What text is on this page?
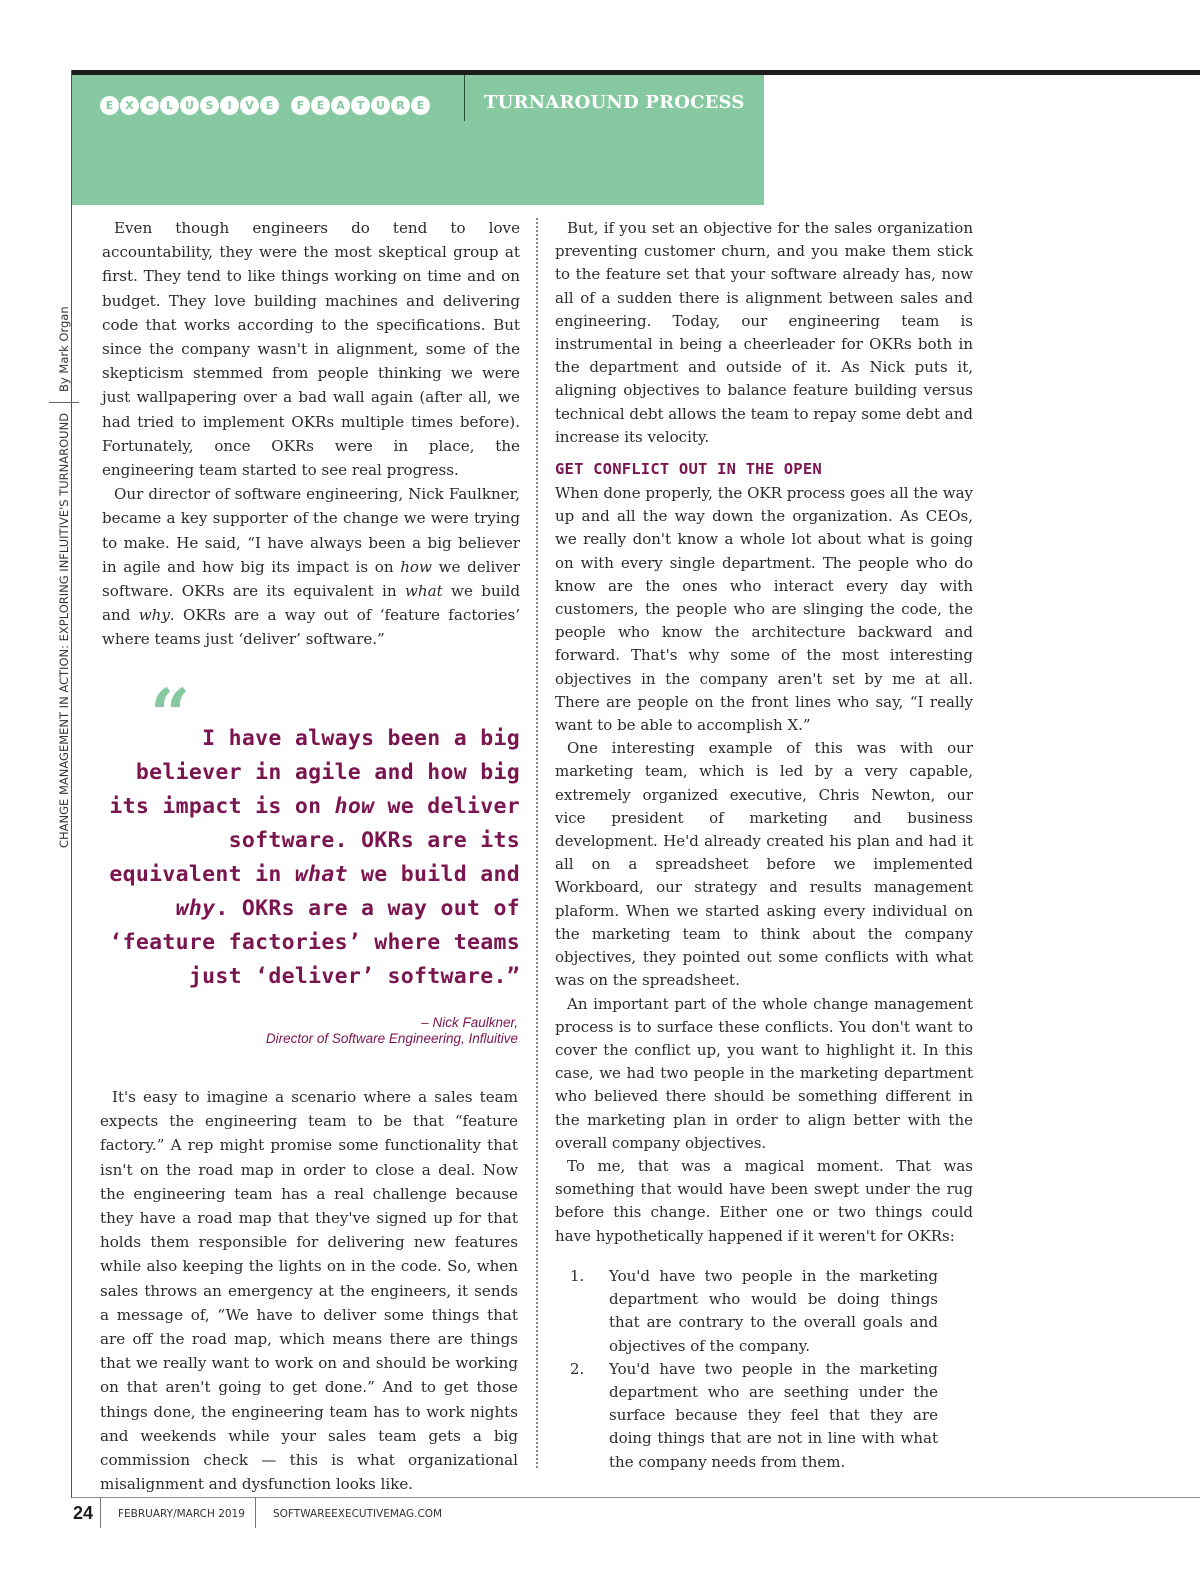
E	X	C	L	U	S	I	V	E	F	E	A	T	U	R	E	TURNAROUND PROCESS
CHANGE MANAGEMENT IN ACTION: EXPLORING INFLUITIVE'S TURNAROUND
By Mark Organ

Even though engineers do tend to love accountability, they were the most skeptical group at first. They tend to like things working on time and on budget. They love building machines and delivering code that works according to the specifications. But since the company wasn't in alignment, some of the skepticism stemmed from people thinking we were just wallpapering over a bad wall again (after all, we had tried to implement OKRs multiple times before). Fortunately, once OKRs were in place, the engineering team started to see real progress.

Our director of software engineering, Nick Faulkner, became a key supporter of the change we were trying to make. He said, “I have always been a big believer in agile and how big its impact is on how we deliver software. OKRs are its equivalent in what we build and why. OKRs are a way out of ‘feature factories’ where teams just ‘deliver’ software.”

“ I have always been a big believer in agile and how big its impact is on how we deliver software. OKRs are its equivalent in what we build and why. OKRs are a way out of ‘feature factories’ where teams just ‘deliver’ software.”
– Nick Faulkner,
Director of Software Engineering, Influitive

It's easy to imagine a scenario where a sales team expects the engineering team to be that “feature factory.” A rep might promise some functionality that isn't on the road map in order to close a deal. Now the engineering team has a real challenge because they have a road map that they've signed up for that holds them responsible for delivering new features while also keeping the lights on in the code. So, when sales throws an emergency at the engineers, it sends a message of, “We have to deliver some things that are off the road map, which means there are things that we really want to work on and should be working on that aren't going to get done.” And to get those things done, the engineering team has to work nights and weekends while your sales team gets a big commission check — this is what organizational misalignment and dysfunction looks like.

But, if you set an objective for the sales organization preventing customer churn, and you make them stick to the feature set that your software already has, now all of a sudden there is alignment between sales and engineering. Today, our engineering team is instrumental in being a cheerleader for OKRs both in the department and outside of it. As Nick puts it, aligning objectives to balance feature building versus technical debt allows the team to repay some debt and increase its velocity.

GET CONFLICT OUT IN THE OPEN

When done properly, the OKR process goes all the way up and all the way down the organization. As CEOs, we really don't know a whole lot about what is going on with every single department. The people who do know are the ones who interact every day with customers, the people who are slinging the code, the people who know the architecture backward and forward. That's why some of the most interesting objectives in the company aren't set by me at all. There are people on the front lines who say, “I really want to be able to accomplish X.”

One interesting example of this was with our marketing team, which is led by a very capable, extremely organized executive, Chris Newton, our vice president of marketing and business development. He'd already created his plan and had it all on a spreadsheet before we implemented Workboard, our strategy and results management plaform. When we started asking every individual on the marketing team to think about the company objectives, they pointed out some conflicts with what was on the spreadsheet.

An important part of the whole change management process is to surface these conflicts. You don't want to cover the conflict up, you want to highlight it. In this case, we had two people in the marketing department who believed there should be something different in the marketing plan in order to align better with the overall company objectives.

To me, that was a magical moment. That was something that would have been swept under the rug before this change. Either one or two things could have hypothetically happened if it weren't for OKRs:

1.	You'd have two people in the marketing department who would be doing things that are contrary to the overall goals and objectives of the company.
2.	You'd have two people in the marketing department who are seething under the surface because they feel that they are doing things that are not in line with what the company needs from them.
24 FEBRUARY/MARCH 2019	SOFTWAREEXECUTIVEMAG.COM
